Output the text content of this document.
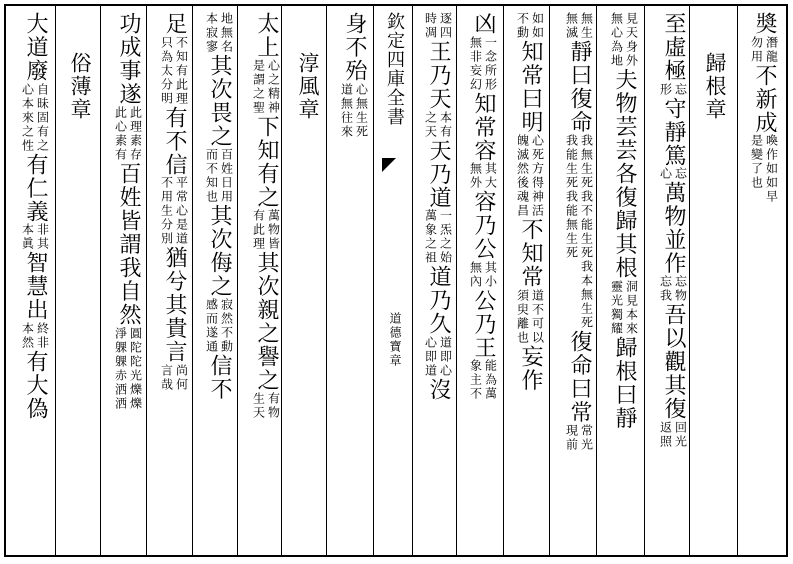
奬
潛龍
勿用
不新成
喚作如如早
是變了也
歸根章
至虛極
忘
形
守靜篤
忘
心
萬物並作
忘物
忘我
吾以觀其復
回光
返照
見天
無心
身外
為地
夫物芸芸
各復歸其根
洞見本來
靈光獨耀
歸根曰靜
無生
無滅
靜曰復命
我無生死我不能生死我本無生死
我能生死我能無生死
復命曰常
常光
現前
如如
不動
知常曰明
心死方得神活
魄滅然後魂昌
不知常
道不可以
須臾離也
妄作
凶
一念所形
無非妄幻
知常容
其大
無外
容乃公
其小
無內
公乃王
能為萬
象主不
逐四
時凋
王乃天
本有
之天
天乃道
一炁之始
萬象之祖
道乃久
道即心
心即道
沒
欽定四庫全書
道德寶章
身不殆
心無生死
道無往來
淳風章
太上
心之精神
是謂之聖
下知有之
萬物皆
有此理
其次親之譽之
有物
生天
地無名
本寂寥
其次畏之
百姓日用
而不知也
其次侮之
寂然不動
感而遂通
信不
足
不知有此理
只為太分明
有不信
平常心是道
不用生分別
猶兮其貴言
尚何
言哉
功成事遂
此理素存
此心素有
百姓皆謂我自然
圓陀陀光爍爍
淨躶躶赤洒洒
俗薄章
大道廢
自昧固有之
心本來之性
有仁義
非其
本眞
智慧出
終非
本然
有大偽
